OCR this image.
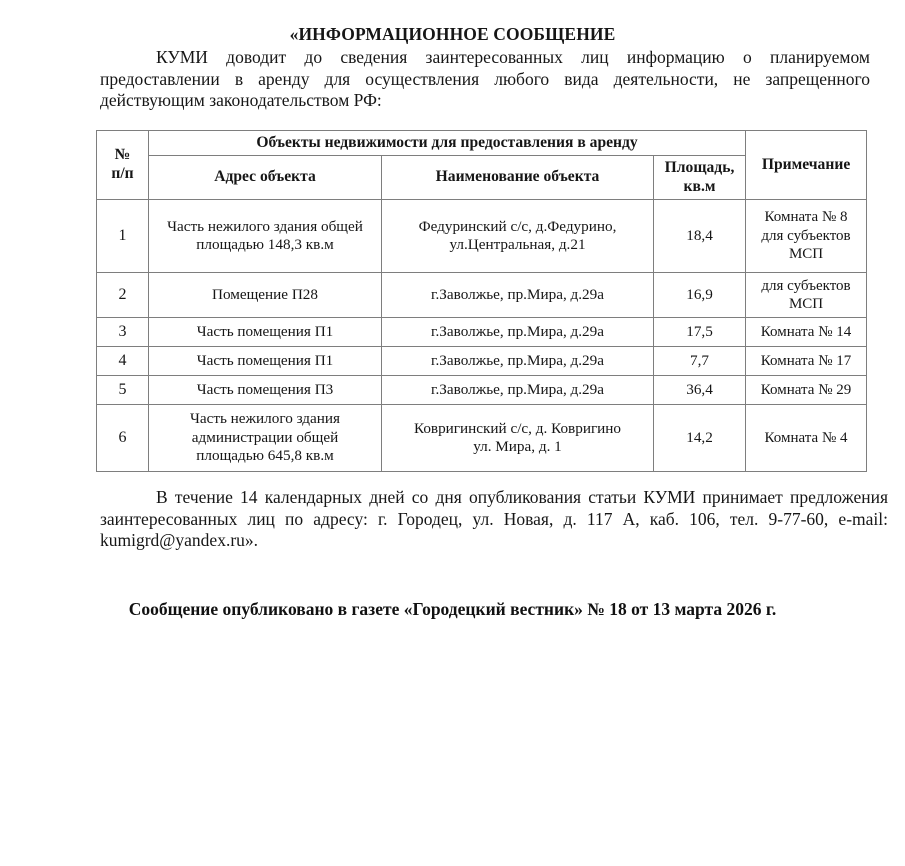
«ИНФОРМАЦИОННОЕ СООБЩЕНИЕ

КУМИ доводит до сведения заинтересованных лиц информацию о планируемом предоставлении в аренду для осуществления любого вида деятельности, не запрещенного действующим законодательством РФ:

№
п/п	Объекты недвижимости для предоставления в аренду			Примечание
	Адрес объекта	Наименование объекта	Площадь,
кв.м	
1	Часть нежилого здания общей
площадью 148,3 кв.м	Федуринский с/с, д.Федурино,
ул.Центральная, д.21	18,4	Комната № 8
для субъектов
МСП
2	Помещение П28	г.Заволжье, пр.Мира, д.29а	16,9	для субъектов
МСП
3	Часть помещения П1	г.Заволжье, пр.Мира, д.29а	17,5	Комната № 14
4	Часть помещения П1	г.Заволжье, пр.Мира, д.29а	7,7	Комната № 17
5	Часть помещения П3	г.Заволжье, пр.Мира, д.29а	36,4	Комната № 29
6	Часть нежилого здания
администрации общей
площадью 645,8 кв.м	Ковригинский с/с, д. Ковригино
ул. Мира, д. 1	14,2	Комната № 4

В течение 14 календарных дней со дня опубликования статьи КУМИ принимает предложения заинтересованных лиц по адресу: г. Городец, ул. Новая, д. 117 А, каб. 106, тел. 9-77-60, e-mail: kumigrd@yandex.ru».

Сообщение опубликовано в газете «Городецкий вестник» № 18 от 13 марта 2026 г.
